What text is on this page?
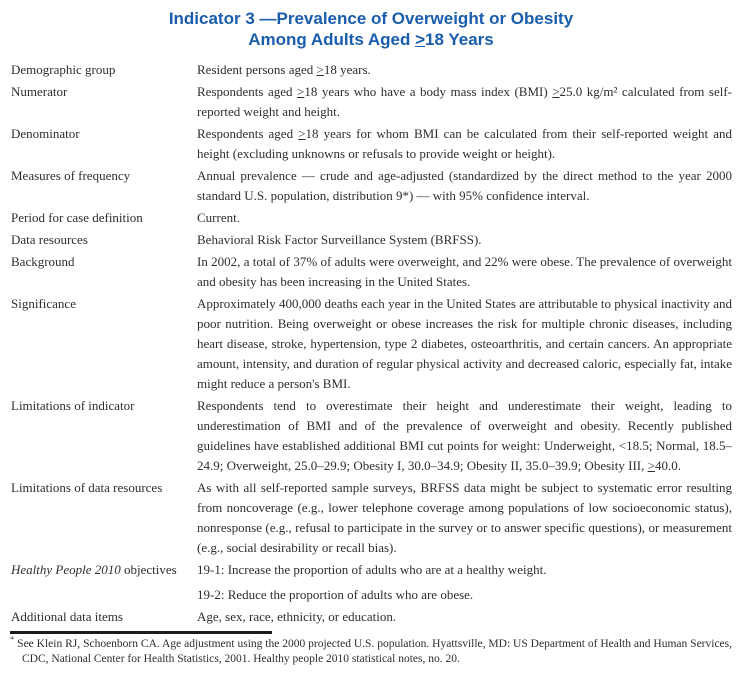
Indicator 3 —Prevalence of Overweight or Obesity
Among Adults Aged >18 Years
Demographic group	Resident persons aged >18 years.

Numerator	Respondents aged >18 years who have a body mass index (BMI) >25.0 kg/m² calculated from self-reported weight and height.

Denominator	Respondents aged >18 years for whom BMI can be calculated from their self-reported weight and height (excluding unknowns or refusals to provide weight or height).

Measures of frequency	Annual prevalence — crude and age-adjusted (standardized by the direct method to the year 2000 standard U.S. population, distribution 9*) — with 95% confidence interval.

Period for case definition	Current.

Data resources	Behavioral Risk Factor Surveillance System (BRFSS).

Background	In 2002, a total of 37% of adults were overweight, and 22% were obese. The prevalence of overweight and obesity has been increasing in the United States.

Significance	Approximately 400,000 deaths each year in the United States are attributable to physical inactivity and poor nutrition. Being overweight or obese increases the risk for multiple chronic diseases, including heart disease, stroke, hypertension, type 2 diabetes, osteoarthritis, and certain cancers. An appropriate amount, intensity, and duration of regular physical activity and decreased caloric, especially fat, intake might reduce a person's BMI.

Limitations of indicator	Respondents tend to overestimate their height and underestimate their weight, leading to underestimation of BMI and of the prevalence of overweight and obesity. Recently published guidelines have established additional BMI cut points for weight: Underweight, <18.5; Normal, 18.5–24.9; Overweight, 25.0–29.9; Obesity I, 30.0–34.9; Obesity II, 35.0–39.9; Obesity III, >40.0.

Limitations of data resources	As with all self-reported sample surveys, BRFSS data might be subject to systematic error resulting from noncoverage (e.g., lower telephone coverage among populations of low socioeconomic status), nonresponse (e.g., refusal to participate in the survey or to answer specific questions), or measurement (e.g., social desirability or recall bias).

Healthy People 2010 objectives	19-1: Increase the proportion of adults who are at a healthy weight.

19-2: Reduce the proportion of adults who are obese.

Additional data items	Age, sex, race, ethnicity, or education.

* See Klein RJ, Schoenborn CA. Age adjustment using the 2000 projected U.S. population. Hyattsville, MD: US Department of Health and Human Services, CDC, National Center for Health Statistics, 2001. Healthy people 2010 statistical notes, no. 20.
